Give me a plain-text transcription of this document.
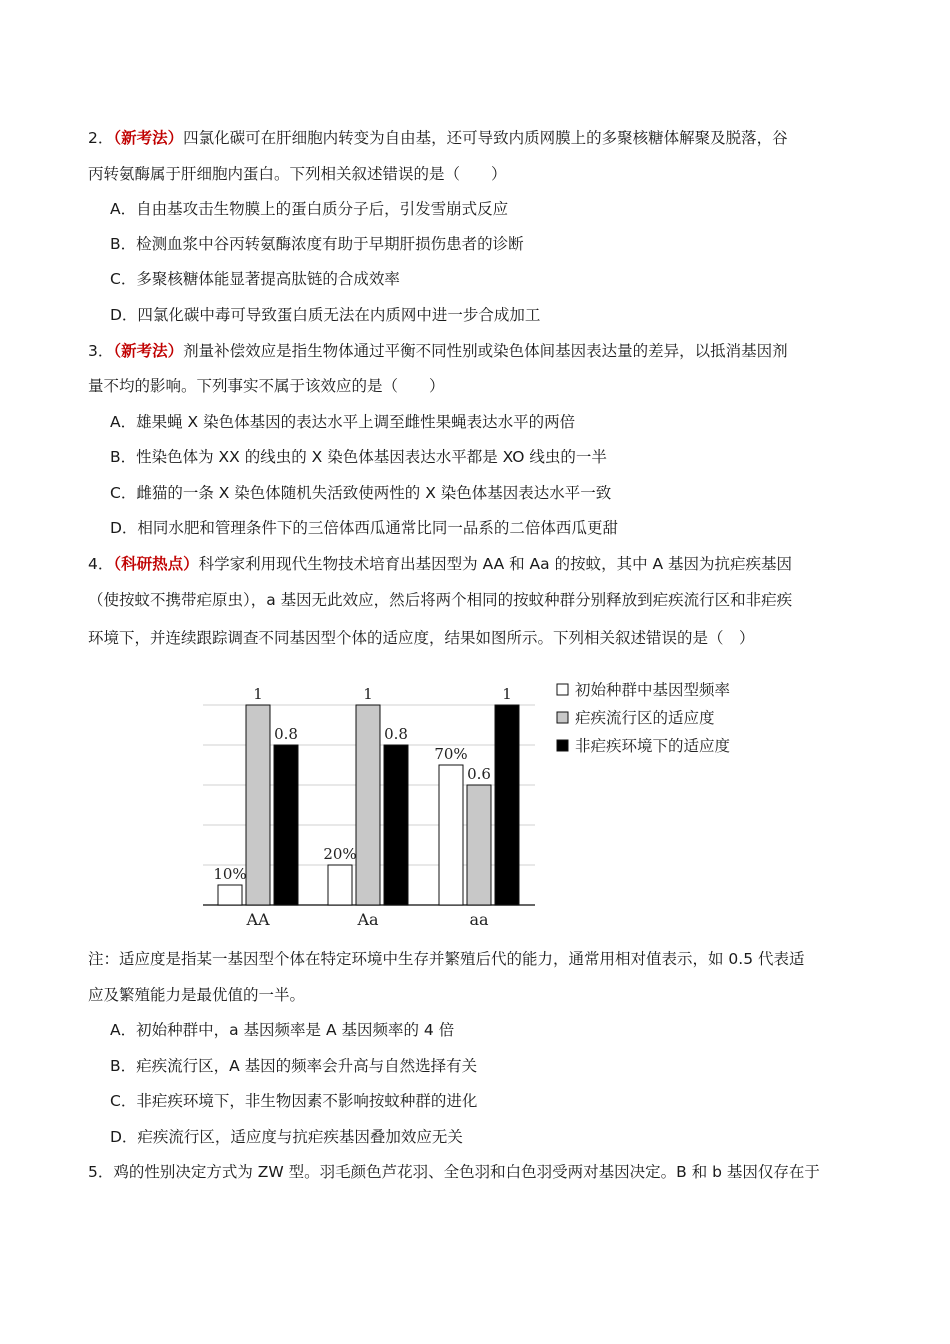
2．（新考法）四氯化碳可在肝细胞内转变为自由基，还可导致内质网膜上的多聚核糖体解聚及脱落，谷
丙转氨酶属于肝细胞内蛋白。下列相关叙述错误的是（　　）
A．自由基攻击生物膜上的蛋白质分子后，引发雪崩式反应
B．检测血浆中谷丙转氨酶浓度有助于早期肝损伤患者的诊断
C．多聚核糖体能显著提高肽链的合成效率
D．四氯化碳中毒可导致蛋白质无法在内质网中进一步合成加工
3．（新考法）剂量补偿效应是指生物体通过平衡不同性别或染色体间基因表达量的差异，以抵消基因剂
量不均的影响。下列事实不属于该效应的是（　　）
A．雄果蝇 X 染色体基因的表达水平上调至雌性果蝇表达水平的两倍
B．性染色体为 XX 的线虫的 X 染色体基因表达水平都是 XO 线虫的一半
C．雌猫的一条 X 染色体随机失活致使两性的 X 染色体基因表达水平一致
D．相同水肥和管理条件下的三倍体西瓜通常比同一品系的二倍体西瓜更甜
4．（科研热点）科学家利用现代生物技术培育出基因型为 AA 和 Aa 的按蚊，其中 A 基因为抗疟疾基因
（使按蚊不携带疟原虫），a 基因无此效应，然后将两个相同的按蚊种群分别释放到疟疾流行区和非疟疾
环境下，并连续跟踪调查不同基因型个体的适应度，结果如图所示。下列相关叙述错误的是（　）
10%
1
0.8
20%
1
0.8
70%
0.6
1
AA	Aa	aa
初始种群中基因型频率
疟疾流行区的适应度
非疟疾环境下的适应度
注：适应度是指某一基因型个体在特定环境中生存并繁殖后代的能力，通常用相对值表示，如 0.5 代表适
应及繁殖能力是最优值的一半。
A．初始种群中，a 基因频率是 A 基因频率的 4 倍
B．疟疾流行区，A 基因的频率会升高与自然选择有关
C．非疟疾环境下，非生物因素不影响按蚊种群的进化
D．疟疾流行区，适应度与抗疟疾基因叠加效应无关
5．鸡的性别决定方式为 ZW 型。羽毛颜色芦花羽、全色羽和白色羽受两对基因决定。B 和 b 基因仅存在于
